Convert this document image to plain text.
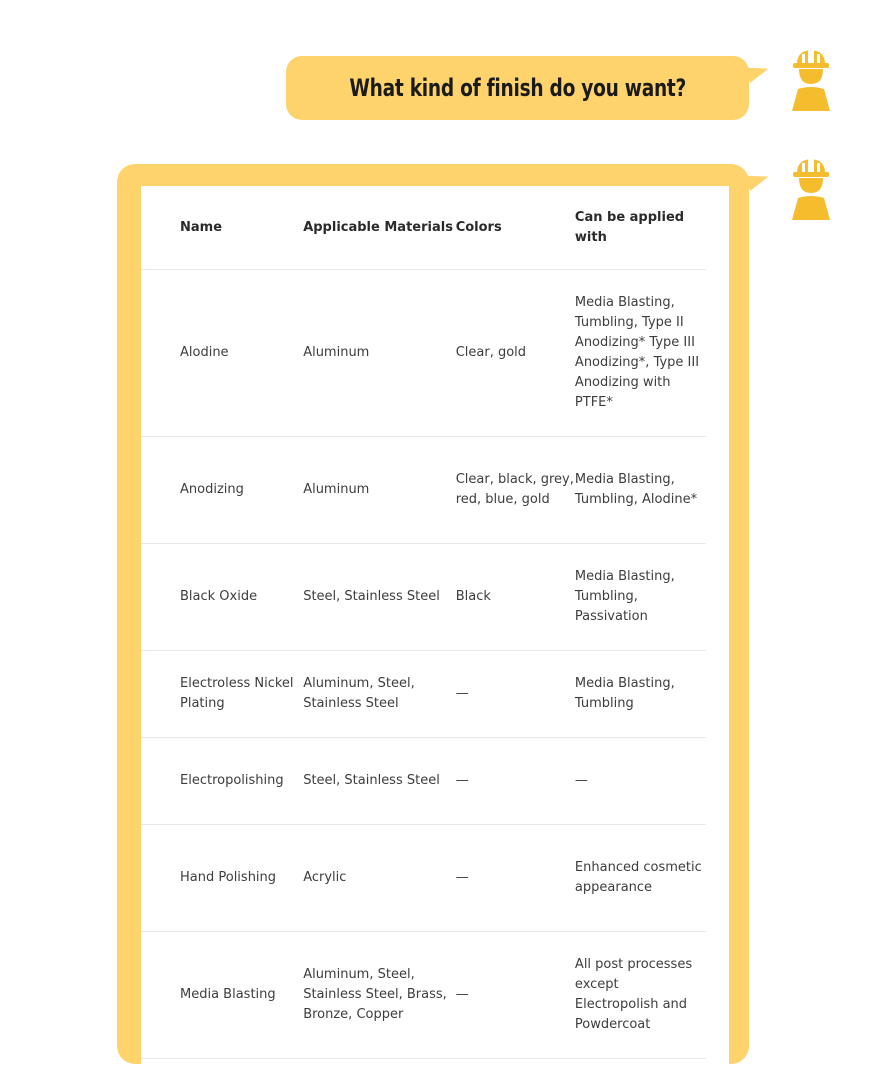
What kind of finish do you want?
Name	Applicable Materials	Colors	Can be applied with
Alodine	Aluminum	Clear, gold	Media Blasting, Tumbling, Type II Anodizing* Type III Anodizing*, Type III Anodizing with PTFE*
Anodizing	Aluminum	Clear, black, grey, red, blue, gold	Media Blasting, Tumbling, Alodine*
Black Oxide	Steel, Stainless Steel	Black	Media Blasting, Tumbling, Passivation
Electroless Nickel Plating	Aluminum, Steel, Stainless Steel	—	Media Blasting, Tumbling
Electropolishing	Steel, Stainless Steel	—	—
Hand Polishing	Acrylic	—	Enhanced cosmetic appearance
Media Blasting	Aluminum, Steel, Stainless Steel, Brass, Bronze, Copper	—	All post processes except Electropolish and Powdercoat
